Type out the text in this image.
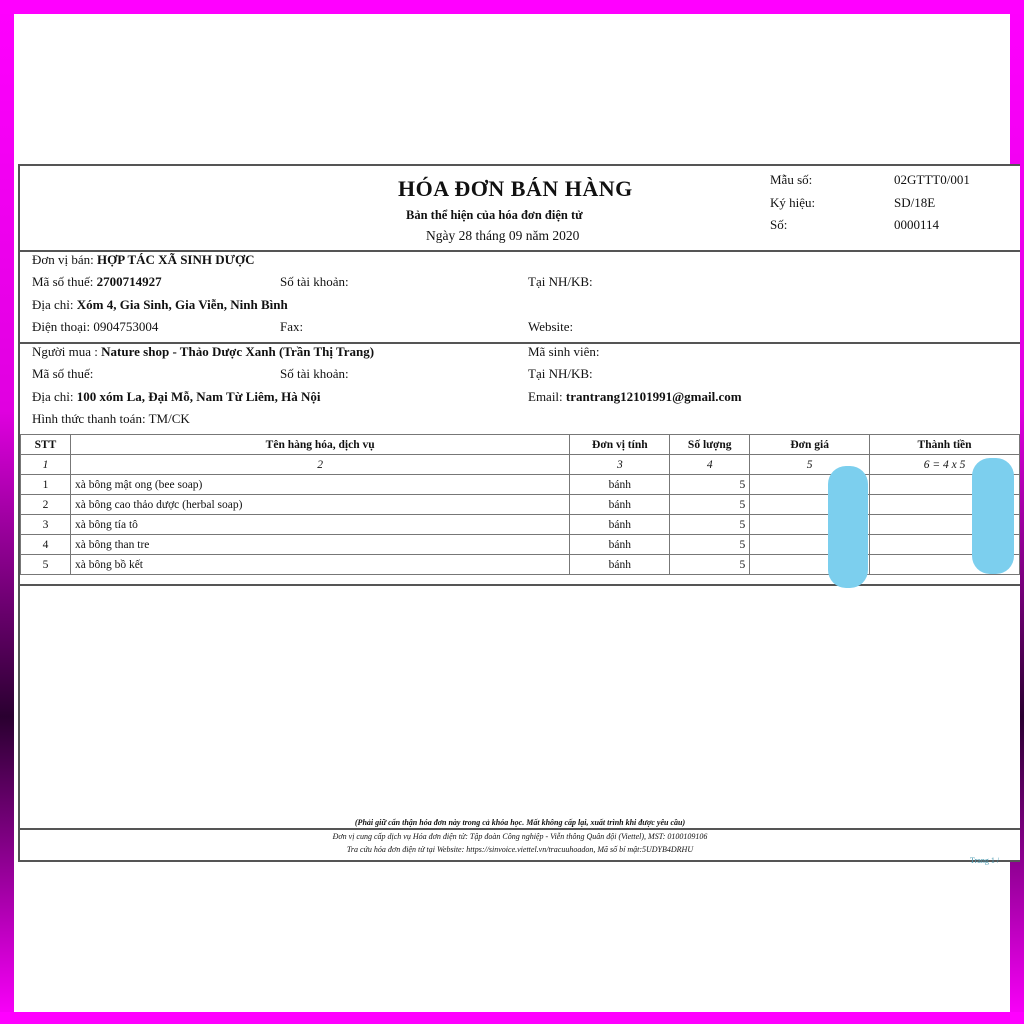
HÓA ĐƠN BÁN HÀNG
Bản thể hiện của hóa đơn điện tử
Ngày 28 tháng 09 năm 2020
Mẫu số:	02GTTT0/001
Ký hiệu:	SD/18E
Số:	0000114
Đơn vị bán: HỢP TÁC XÃ SINH DƯỢC
Mã số thuế: 2700714927	Số tài khoản:	Tại NH/KB:
Địa chỉ: Xóm 4, Gia Sinh, Gia Viễn, Ninh Bình
Điện thoại: 0904753004	Fax:	Website:
Người mua : Nature shop - Thảo Dược Xanh (Trần Thị Trang)	Mã sinh viên:
Mã số thuế:	Số tài khoản:	Tại NH/KB:
Địa chỉ: 100 xóm La, Đại Mỗ, Nam Từ Liêm, Hà Nội	Email: trantrang12101991@gmail.com
Hình thức thanh toán: TM/CK
STT	Tên hàng hóa, dịch vụ	Đơn vị tính	Số lượng	Đơn giá	Thành tiền
1	2	3	4	5	6 = 4 x 5
1	xà bông mật ong (bee soap)	bánh	5		
2	xà bông cao thảo dược (herbal soap)	bánh	5		
3	xà bông tía tô	bánh	5		
4	xà bông than tre	bánh	5		
5	xà bông bồ kết	bánh	5		
(Phải giữ cẩn thận hóa đơn này trong cả khóa học. Mất không cấp lại, xuất trình khi được yêu cầu)
Đơn vị cung cấp dịch vụ Hóa đơn điện tử: Tập đoàn Công nghiệp - Viễn thông Quân đội (Viettel), MST: 0100109106
Tra cứu hóa đơn điện tử tại Website: https://sinvoice.viettel.vn/tracuuhoadon, Mã số bí mật:5UDYB4DRHU
Trang 1 /
